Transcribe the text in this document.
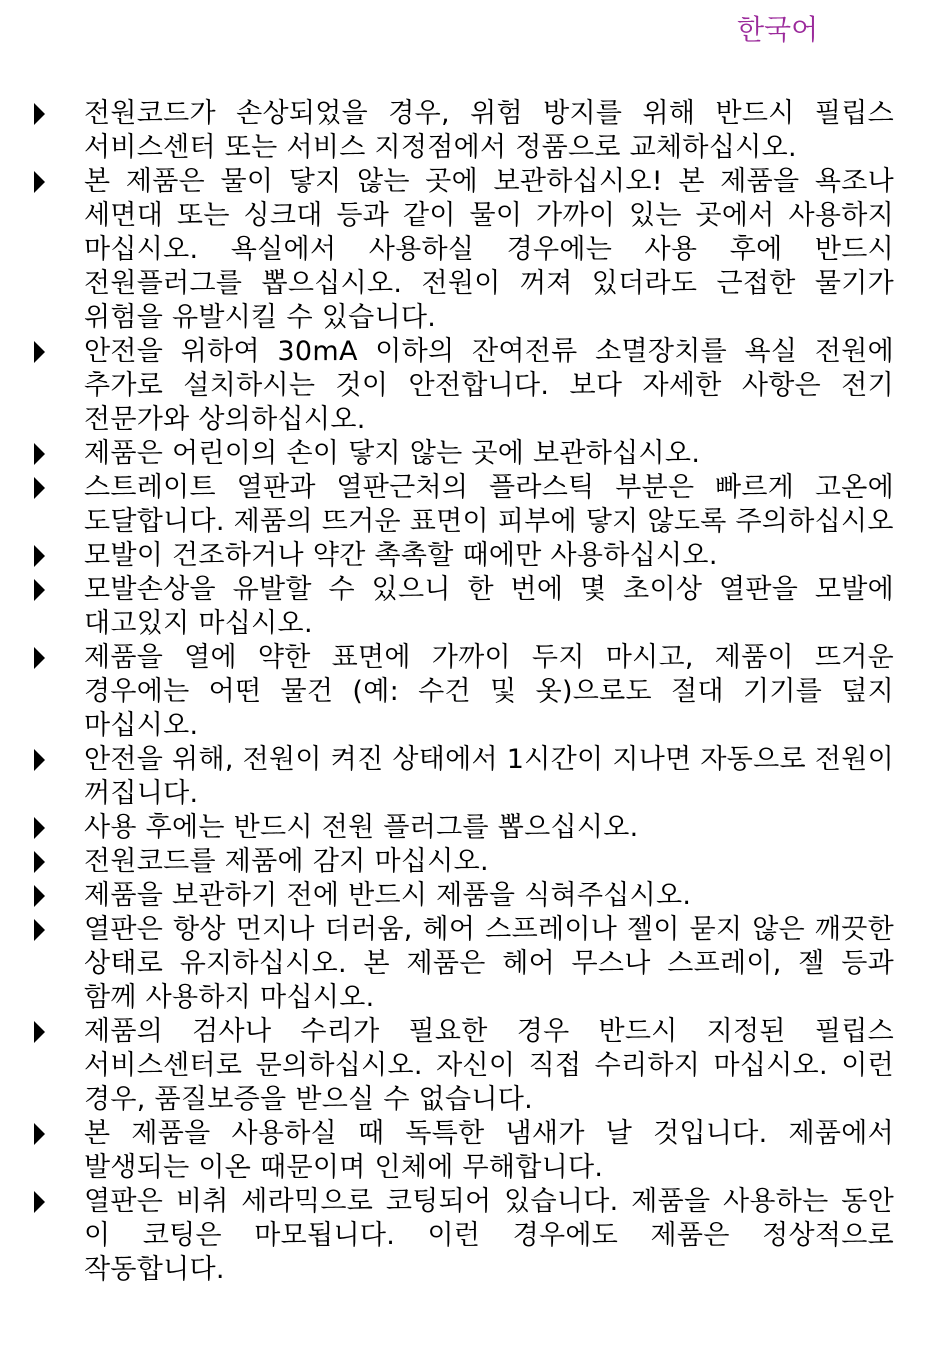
한국어
전원코드가 손상되었을 경우, 위험 방지를 위해 반드시 필립스 서비스센터 또는 서비스 지정점에서 정품으로 교체하십시오.
본 제품은 물이 닿지 않는 곳에 보관하십시오! 본 제품을 욕조나 세면대 또는 싱크대 등과 같이 물이 가까이 있는 곳에서 사용하지 마십시오. 욕실에서 사용하실 경우에는 사용 후에 반드시 전원플러그를 뽑으십시오. 전원이 꺼져 있더라도 근접한 물기가 위험을 유발시킬 수 있습니다.
안전을 위하여 30mA 이하의 잔여전류 소멸장치를 욕실 전원에 추가로 설치하시는 것이 안전합니다. 보다 자세한 사항은 전기 전문가와 상의하십시오.
제품은 어린이의 손이 닿지 않는 곳에 보관하십시오.
스트레이트 열판과 열판근처의 플라스틱 부분은 빠르게 고온에 도달합니다. 제품의 뜨거운 표면이 피부에 닿지 않도록 주의하십시오
모발이 건조하거나 약간 촉촉할 때에만 사용하십시오.
모발손상을 유발할 수 있으니 한 번에 몇 초이상 열판을 모발에 대고있지 마십시오.
제품을 열에 약한 표면에 가까이 두지 마시고, 제품이 뜨거운 경우에는 어떤 물건 (예: 수건 및 옷)으로도 절대 기기를 덮지 마십시오.
안전을 위해, 전원이 켜진 상태에서 1시간이 지나면 자동으로 전원이 꺼집니다.
사용 후에는 반드시 전원 플러그를 뽑으십시오.
전원코드를 제품에 감지 마십시오.
제품을 보관하기 전에 반드시 제품을 식혀주십시오.
열판은 항상 먼지나 더러움, 헤어 스프레이나 젤이 묻지 않은 깨끗한 상태로 유지하십시오. 본 제품은 헤어 무스나 스프레이, 젤 등과 함께 사용하지 마십시오.
제품의 검사나 수리가 필요한 경우 반드시 지정된 필립스 서비스센터로 문의하십시오. 자신이 직접 수리하지 마십시오. 이런 경우, 품질보증을 받으실 수 없습니다.
본 제품을 사용하실 때 독특한 냄새가 날 것입니다. 제품에서 발생되는 이온 때문이며 인체에 무해합니다.
열판은 비취 세라믹으로 코팅되어 있습니다. 제품을 사용하는 동안 이 코팅은 마모됩니다. 이런 경우에도 제품은 정상적으로 작동합니다.
